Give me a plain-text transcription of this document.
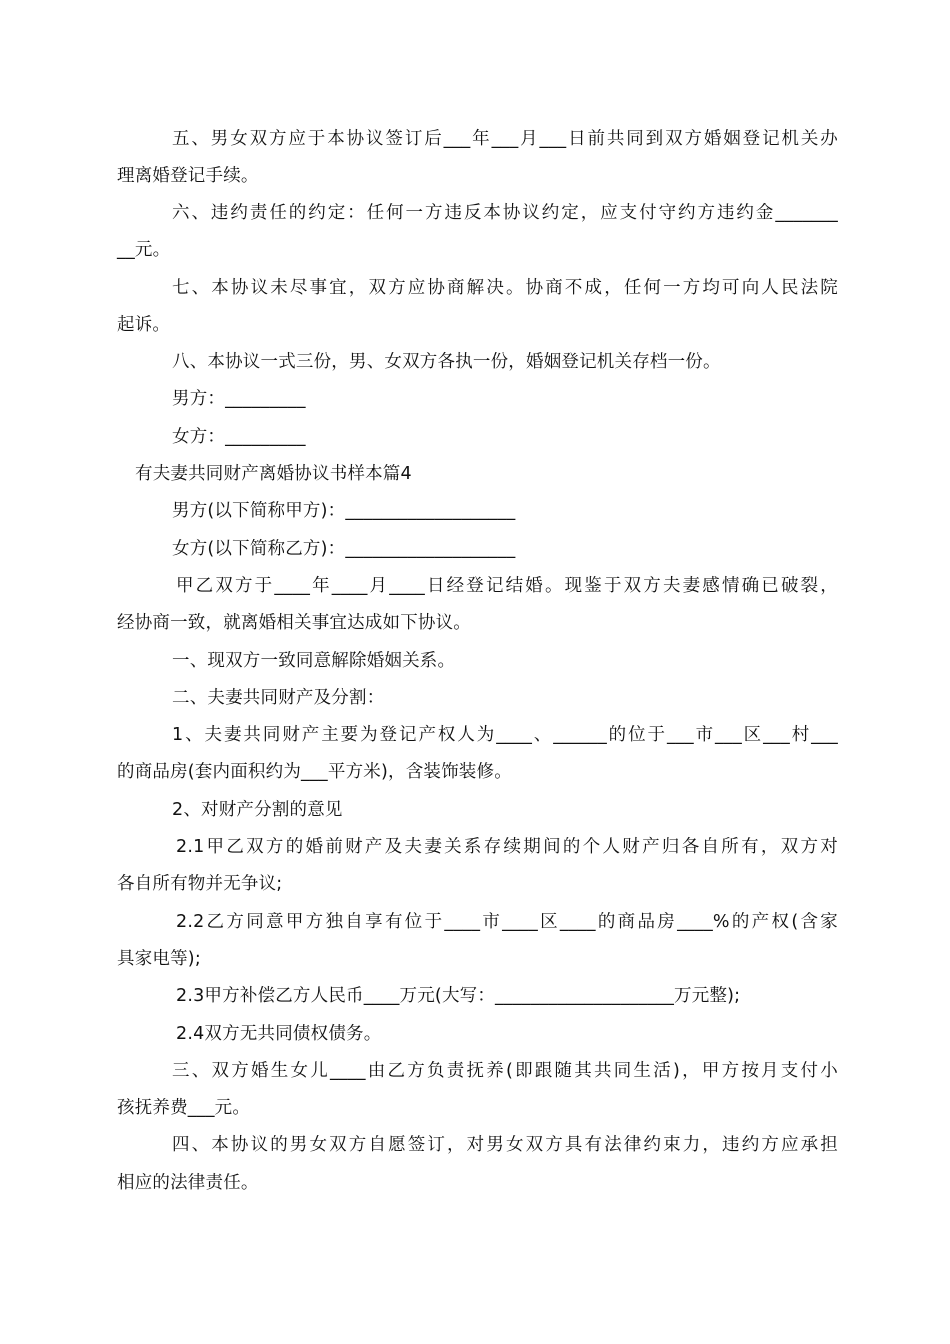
五、男女双方应于本协议签订后___年___月___日前共同到双方婚姻登记机关办
理离婚登记手续。
六、违约责任的约定：任何一方违反本协议约定，应支付守约方违约金_______
__元。
七、本协议未尽事宜，双方应协商解决。协商不成，任何一方均可向人民法院
起诉。
八、本协议一式三份，男、女双方各执一份，婚姻登记机关存档一份。
男方：_________
女方：_________
有夫妻共同财产离婚协议书样本篇4
男方(以下简称甲方)：___________________
女方(以下简称乙方)：___________________
甲乙双方于____年____月____日经登记结婚。现鉴于双方夫妻感情确已破裂，
经协商一致，就离婚相关事宜达成如下协议。
一、现双方一致同意解除婚姻关系。
二、夫妻共同财产及分割：
1、夫妻共同财产主要为登记产权人为____、______的位于___市___区___村___
的商品房(套内面积约为___平方米)，含装饰装修。
2、对财产分割的意见
2.1甲乙双方的婚前财产及夫妻关系存续期间的个人财产归各自所有，双方对
各自所有物并无争议;
2.2乙方同意甲方独自享有位于____市____区____的商品房____%的产权(含家
具家电等);
2.3甲方补偿乙方人民币____万元(大写：____________________万元整);
2.4双方无共同债权债务。
三、双方婚生女儿____由乙方负责抚养(即跟随其共同生活)，甲方按月支付小
孩抚养费___元。
四、本协议的男女双方自愿签订，对男女双方具有法律约束力，违约方应承担
相应的法律责任。
